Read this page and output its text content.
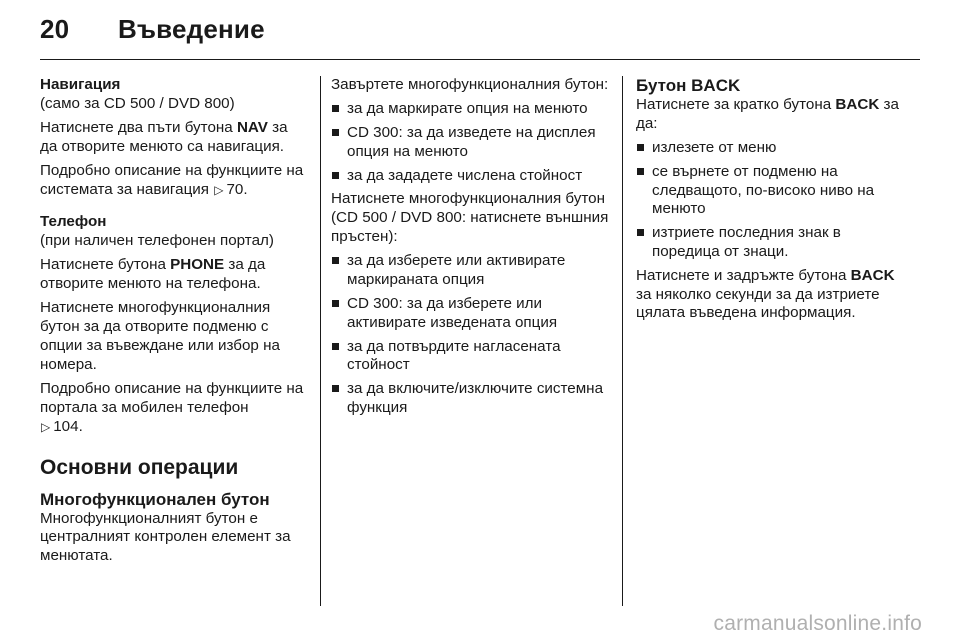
20 Въведение
Навигация

(само за CD 500 / DVD 800)

Натиснете два пъти бутона NAV за да отворите менюто са навигация.

Подробно описание на функциите на системата за навигация ▷ 70.

Телефон

(при наличен телефонен портал)

Натиснете бутона PHONE за да отворите менюто на телефона.

Натиснете многофункционалния бутон за да отворите подменю с опции за въвеждане или избор на номера.

Подробно описание на функциите на портала за мобилен телефон
▷ 104.

Основни операции
Многофункционален бутон

Многофункционалният бутон е централният контролен елемент за менютата.

Завъртете многофункционалния бутон:

за да маркирате опция на менюто
CD 300: за да изведете на дисплея опция на менюто
за да зададете числена стойност

Натиснете многофункционалния бутон (CD 500 / DVD 800: натиснете външния пръстен):

за да изберете или активирате маркираната опция
CD 300: за да изберете или активирате изведената опция
за да потвърдите нагласената стойност
за да включите/изключите системна функция
Бутон BACK

Натиснете за кратко бутона BACK за да:

излезете от меню
се върнете от подменю на следващото, по-високо ниво на менюто
изтриете последния знак в поредица от знаци.

Натиснете и задръжте бутона BACK за няколко секунди за да изтриете цялата въведена информация.

carmanualsonline.info
